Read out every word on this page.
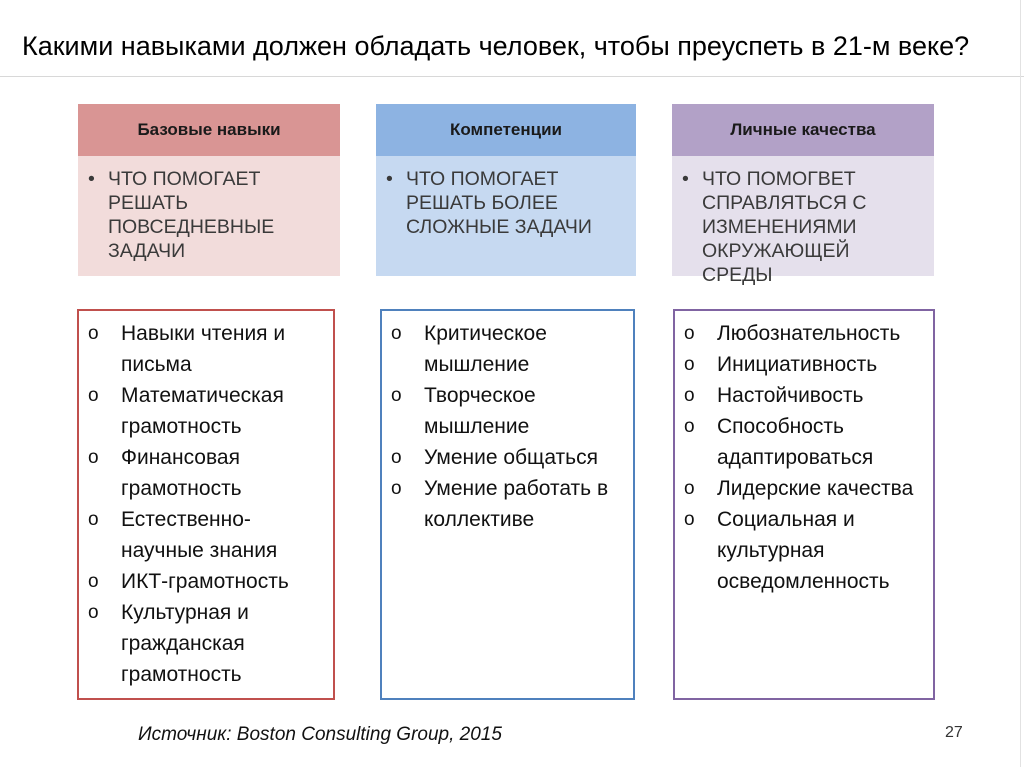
Какими навыками должен обладать человек, чтобы преуспеть в 21-м веке?
Базовые навыки
• ЧТО ПОМОГАЕТ
РЕШАТЬ
ПОВСЕДНЕВНЫЕ
ЗАДАЧИ
o	Навыки чтения и
письма
o	Математическая
грамотность
o	Финансовая
грамотность
o	Естественно-
научные знания
o	ИКТ-грамотность
o	Культурная и
гражданская
грамотность
Компетенции
• ЧТО ПОМОГАЕТ
РЕШАТЬ БОЛЕЕ
СЛОЖНЫЕ ЗАДАЧИ
o	Критическое
мышление
o	Творческое
мышление
o	Умение общаться
o	Умение работать в
коллективе
Личные качества
• ЧТО ПОМОГВЕТ
СПРАВЛЯТЬСЯ С
ИЗМЕНЕНИЯМИ
ОКРУЖАЮЩЕЙ СРЕДЫ
o	Любознательность
o	Инициативность
o	Настойчивость
o	Способность
адаптироваться
o	Лидерские качества
o	Социальная и
культурная
осведомленность
Источник: Boston Consulting Group, 2015	27
